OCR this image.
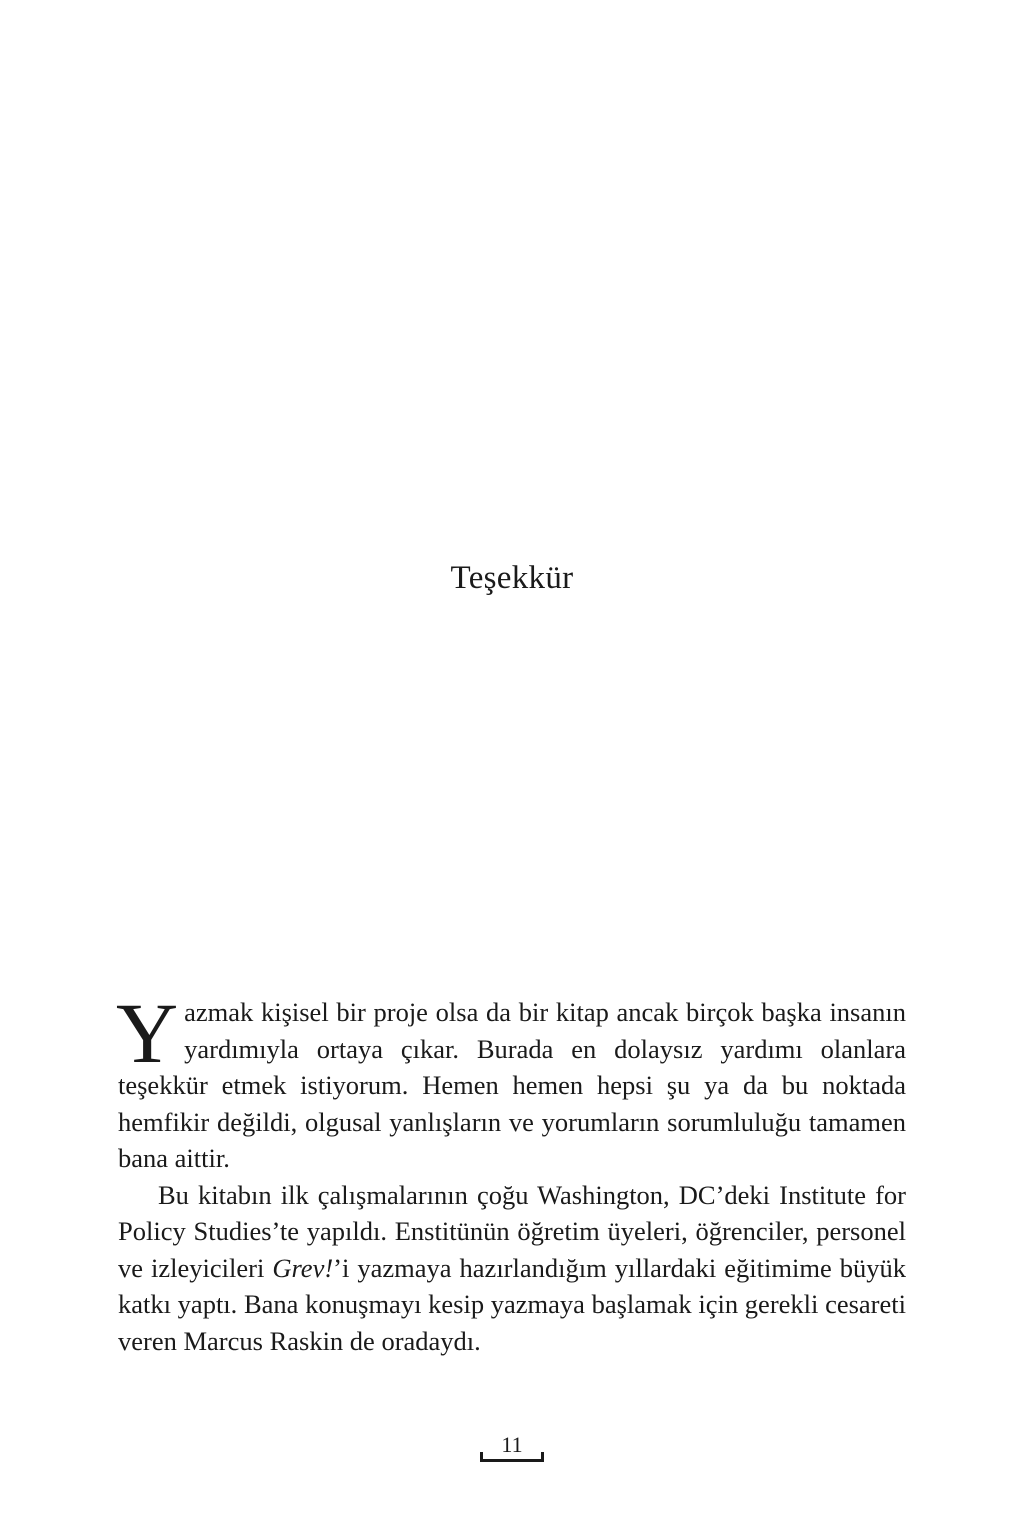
Teşekkür

Yazmak kişisel bir proje olsa da bir kitap ancak birçok başka insanın yardımıyla ortaya çıkar. Burada en dolaysız yardımı olanlara teşekkür etmek istiyorum. Hemen hemen hepsi şu ya da bu noktada hemfikir değildi, olgusal yanlışların ve yorumların sorumluluğu tamamen bana aittir.

Bu kitabın ilk çalışmalarının çoğu Washington, DC’deki Institute for Policy Studies’te yapıldı. Enstitünün öğretim üyeleri, öğrenciler, personel ve izleyicileri Grev!’i yazmaya hazırlandığım yıllardaki eğitimime büyük katkı yaptı. Bana konuşmayı kesip yazmaya başlamak için gerekli cesareti veren Marcus Raskin de oradaydı.

11
